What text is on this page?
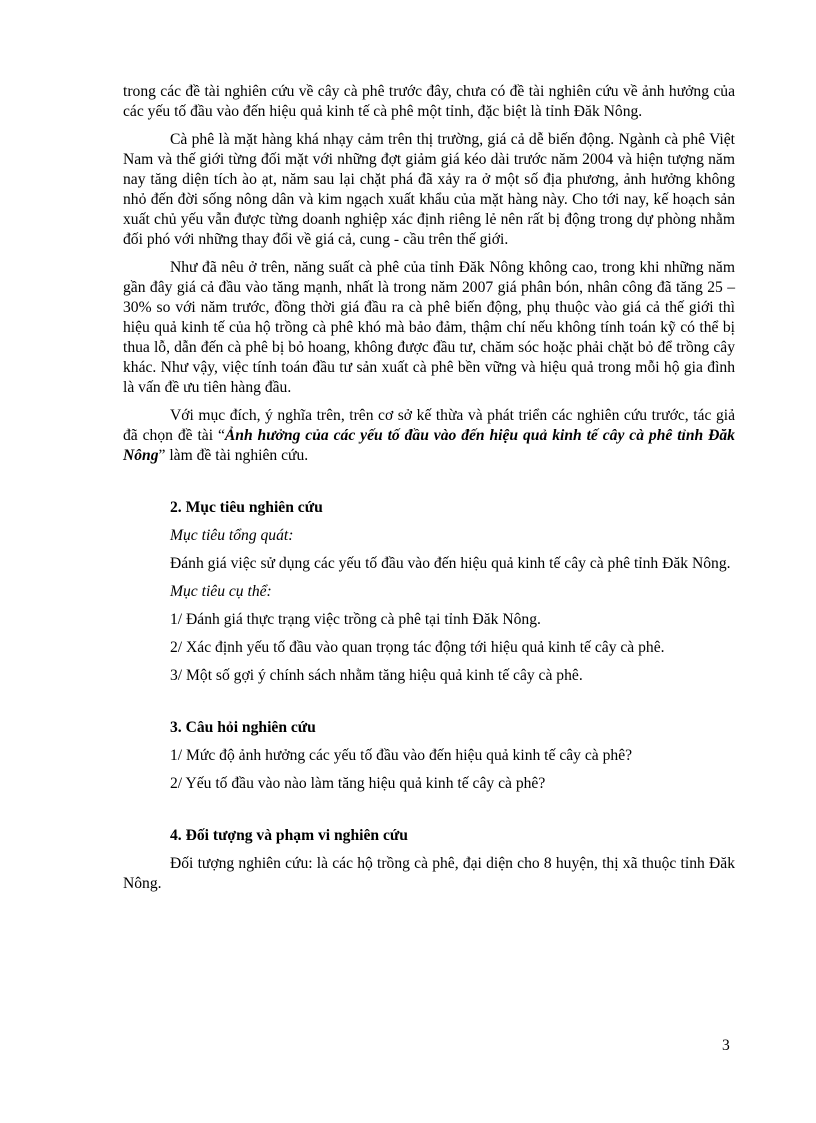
trong các đề tài nghiên cứu về cây cà phê trước đây, chưa có đề tài nghiên cứu về ảnh hưởng của các yếu tố đầu vào đến hiệu quả kinh tế cà phê một tỉnh, đặc biệt là tỉnh Đăk Nông.

Cà phê là mặt hàng khá nhạy cảm trên thị trường, giá cả dễ biến động. Ngành cà phê Việt Nam và thế giới từng đối mặt với những đợt giảm giá kéo dài trước năm 2004 và hiện tượng năm nay tăng diện tích ào ạt, năm sau lại chặt phá đã xảy ra ở một số địa phương, ảnh hưởng không nhỏ đến đời sống nông dân và kim ngạch xuất khẩu của mặt hàng này. Cho tới nay, kế hoạch sản xuất chủ yếu vẫn được từng doanh nghiệp xác định riêng lẻ nên rất bị động trong dự phòng nhằm đối phó với những thay đổi về giá cả, cung - cầu trên thế giới.

Như đã nêu ở trên, năng suất cà phê của tỉnh Đăk Nông không cao, trong khi những năm gần đây giá cả đầu vào tăng mạnh, nhất là trong năm 2007 giá phân bón, nhân công đã tăng 25 – 30% so với năm trước, đồng thời giá đầu ra cà phê biến động, phụ thuộc vào giá cả thế giới thì hiệu quả kinh tế của hộ trồng cà phê khó mà bảo đảm, thậm chí nếu không tính toán kỹ có thể bị thua lỗ, dẫn đến cà phê bị bỏ hoang, không được đầu tư, chăm sóc hoặc phải chặt bỏ để trồng cây khác. Như vậy, việc tính toán đầu tư sản xuất cà phê bền vững và hiệu quả trong mỗi hộ gia đình là vấn đề ưu tiên hàng đầu.

Với mục đích, ý nghĩa trên, trên cơ sở kế thừa và phát triển các nghiên cứu trước, tác giả đã chọn đề tài “Ảnh hưởng của các yếu tố đầu vào đến hiệu quả kinh tế cây cà phê tỉnh Đăk Nông” làm đề tài nghiên cứu.

2. Mục tiêu nghiên cứu

Mục tiêu tổng quát:

Đánh giá việc sử dụng các yếu tố đầu vào đến hiệu quả kinh tế cây cà phê tỉnh Đăk Nông.

Mục tiêu cụ thể:

1/ Đánh giá thực trạng việc trồng cà phê tại tỉnh Đăk Nông.

2/ Xác định yếu tố đầu vào quan trọng tác động tới hiệu quả kinh tế cây cà phê.

3/ Một số gợi ý chính sách nhằm tăng hiệu quả kinh tế cây cà phê.

3. Câu hỏi nghiên cứu

1/ Mức độ ảnh hưởng các yếu tố đầu vào đến hiệu quả kinh tế cây cà phê?

2/ Yếu tố đầu vào nào làm tăng hiệu quả kinh tế cây cà phê?

4. Đối tượng và phạm vi nghiên cứu

Đối tượng nghiên cứu: là các hộ trồng cà phê, đại diện cho 8 huyện, thị xã thuộc tỉnh Đăk Nông.

3
